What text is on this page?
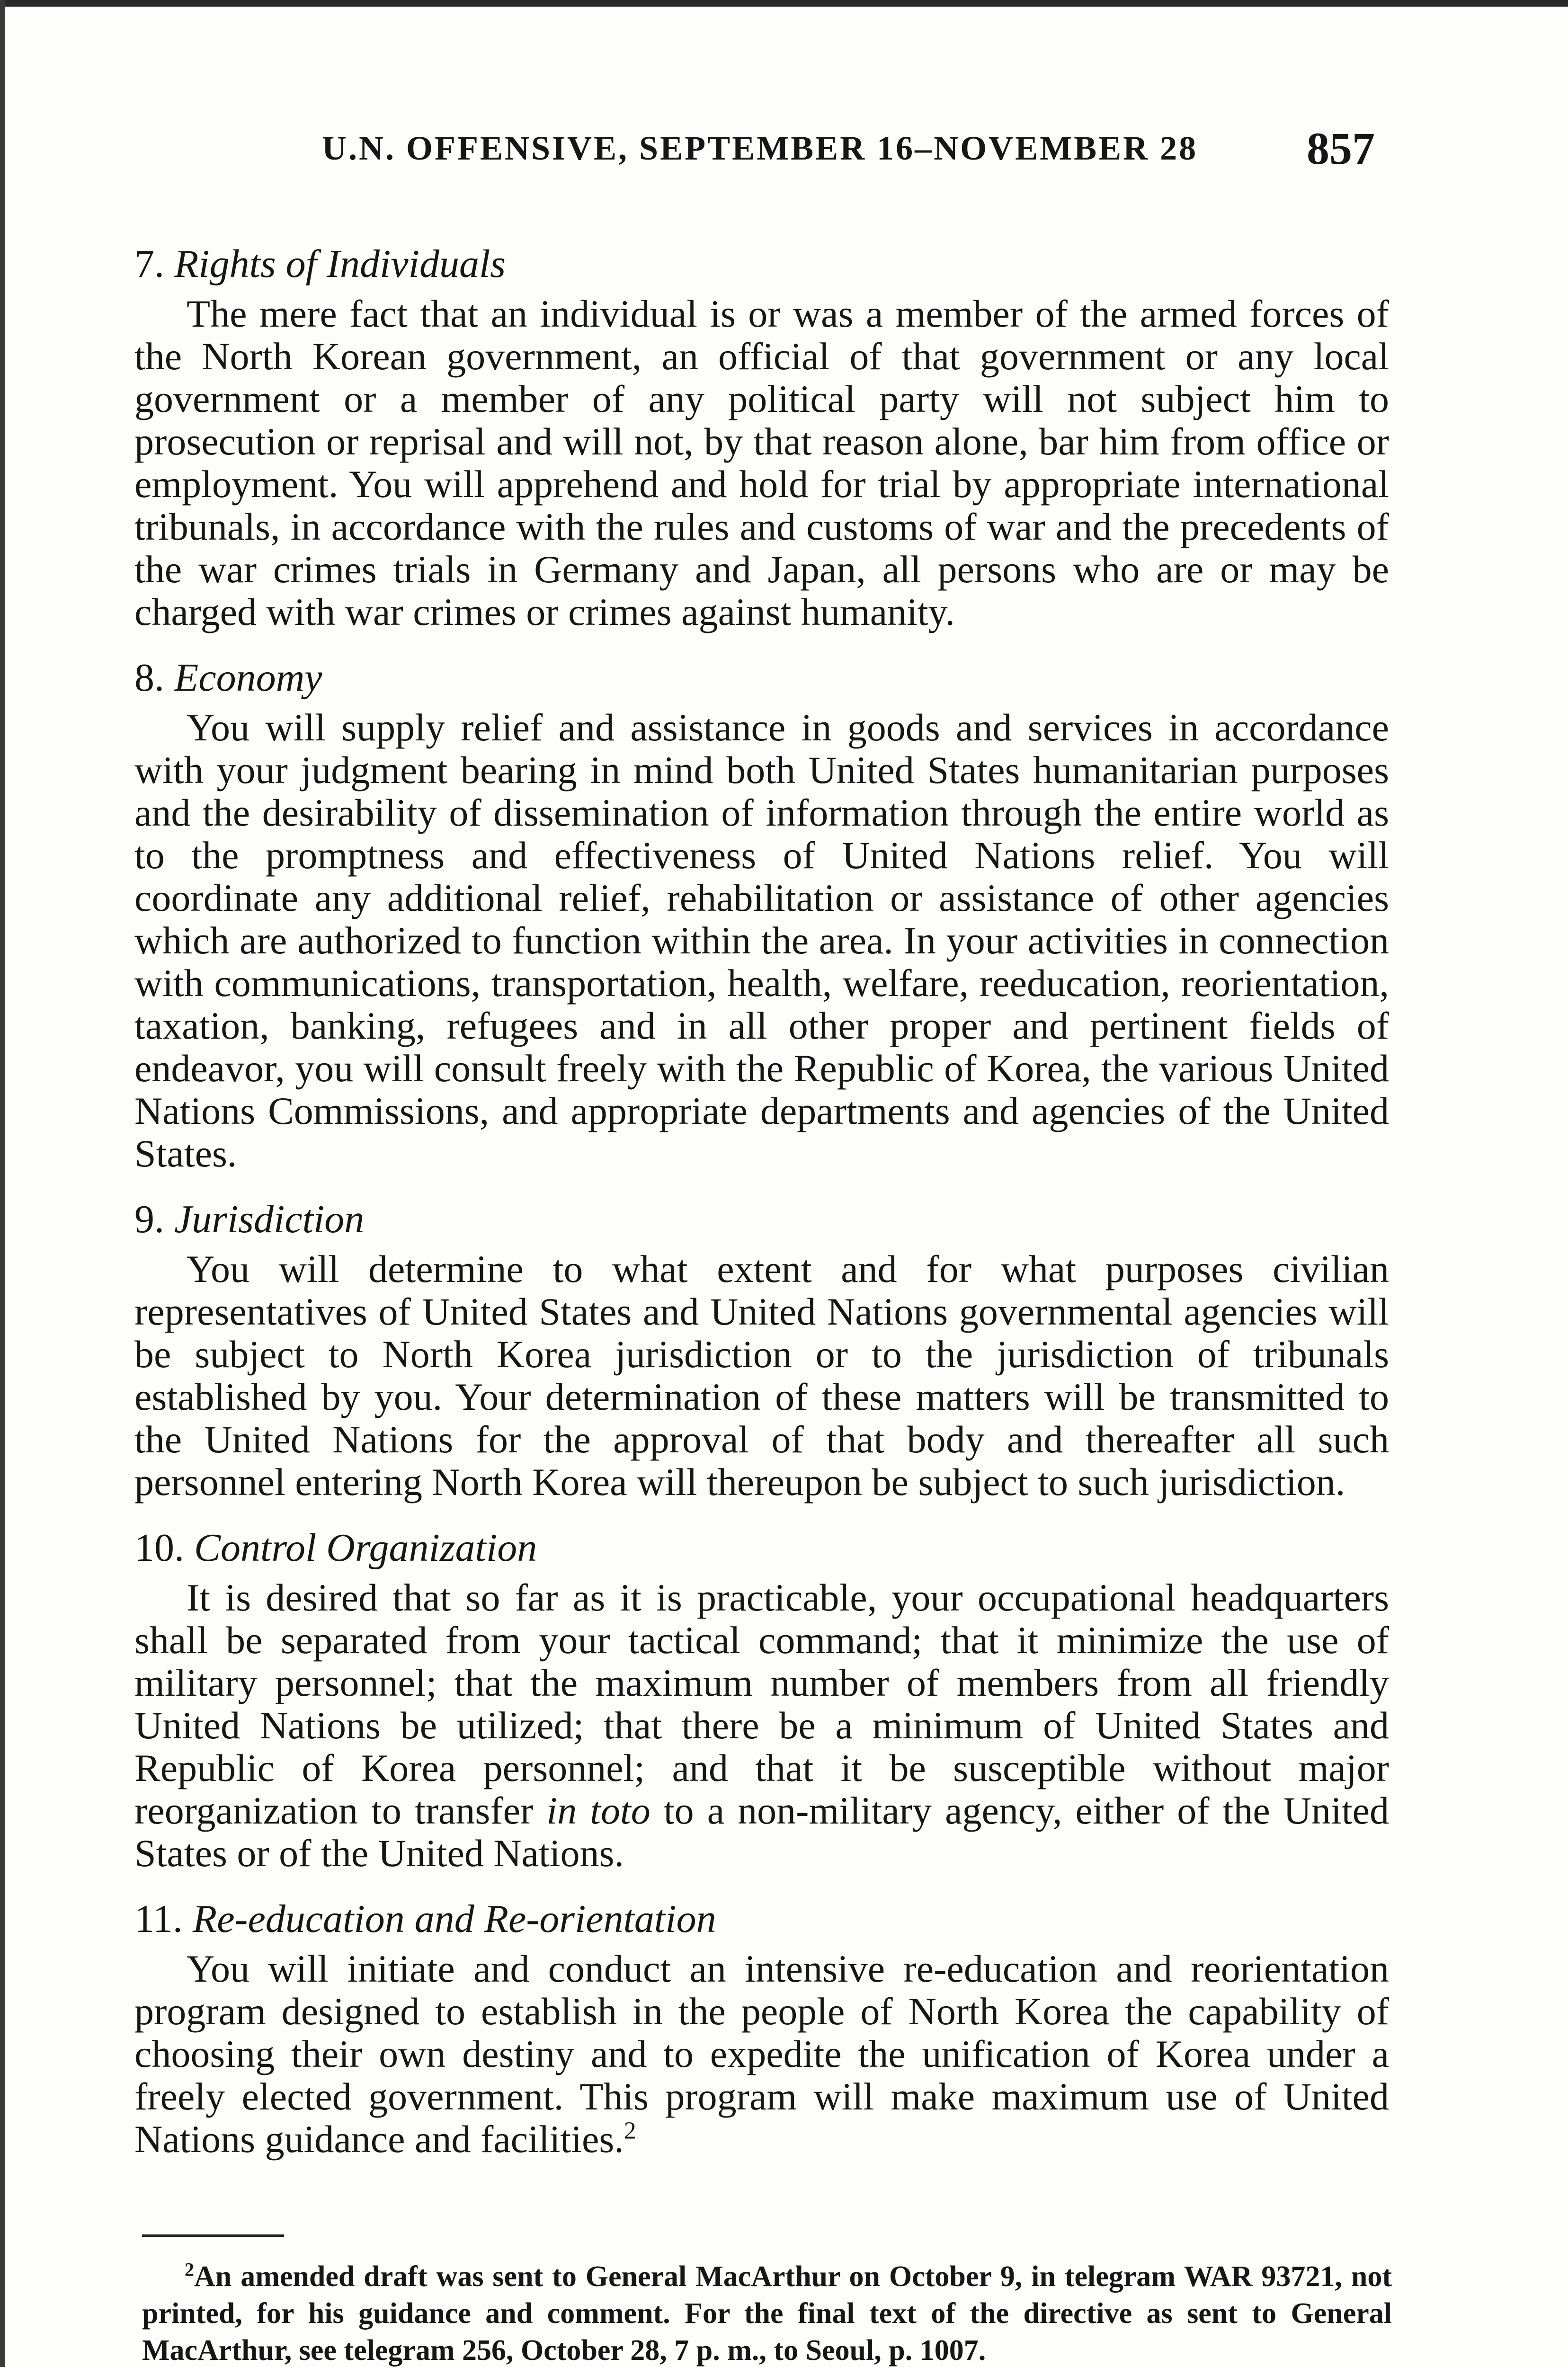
U.N. OFFENSIVE, SEPTEMBER 16–NOVEMBER 28	857

7. Rights of Individuals

The mere fact that an individual is or was a member of the armed forces of the North Korean government, an official of that government or any local government or a member of any political party will not subject him to prosecution or reprisal and will not, by that reason alone, bar him from office or employment. You will apprehend and hold for trial by appropriate international tribunals, in accordance with the rules and customs of war and the precedents of the war crimes trials in Germany and Japan, all persons who are or may be charged with war crimes or crimes against humanity.

8. Economy

You will supply relief and assistance in goods and services in accordance with your judgment bearing in mind both United States humanitarian purposes and the desirability of dissemination of information through the entire world as to the promptness and effectiveness of United Nations relief. You will coordinate any additional relief, rehabilitation or assistance of other agencies which are authorized to function within the area. In your activities in connection with communications, transportation, health, welfare, reeducation, reorientation, taxation, banking, refugees and in all other proper and pertinent fields of endeavor, you will consult freely with the Republic of Korea, the various United Nations Commissions, and appropriate departments and agencies of the United States.

9. Jurisdiction

You will determine to what extent and for what purposes civilian representatives of United States and United Nations governmental agencies will be subject to North Korea jurisdiction or to the jurisdiction of tribunals established by you. Your determination of these matters will be transmitted to the United Nations for the approval of that body and thereafter all such personnel entering North Korea will thereupon be subject to such jurisdiction.

10. Control Organization

It is desired that so far as it is practicable, your occupational headquarters shall be separated from your tactical command; that it minimize the use of military personnel; that the maximum number of members from all friendly United Nations be utilized; that there be a minimum of United States and Republic of Korea personnel; and that it be susceptible without major reorganization to transfer in toto to a non-military agency, either of the United States or of the United Nations.

11. Re-education and Re-orientation

You will initiate and conduct an intensive re-education and reorientation program designed to establish in the people of North Korea the capability of choosing their own destiny and to expedite the unification of Korea under a freely elected government. This program will make maximum use of United Nations guidance and facilities.$^2$

$^2$An amended draft was sent to General MacArthur on October 9, in telegram WAR 93721, not printed, for his guidance and comment. For the final text of the directive as sent to General MacArthur, see telegram 256, October 28, 7 p. m., to Seoul, p. 1007.
